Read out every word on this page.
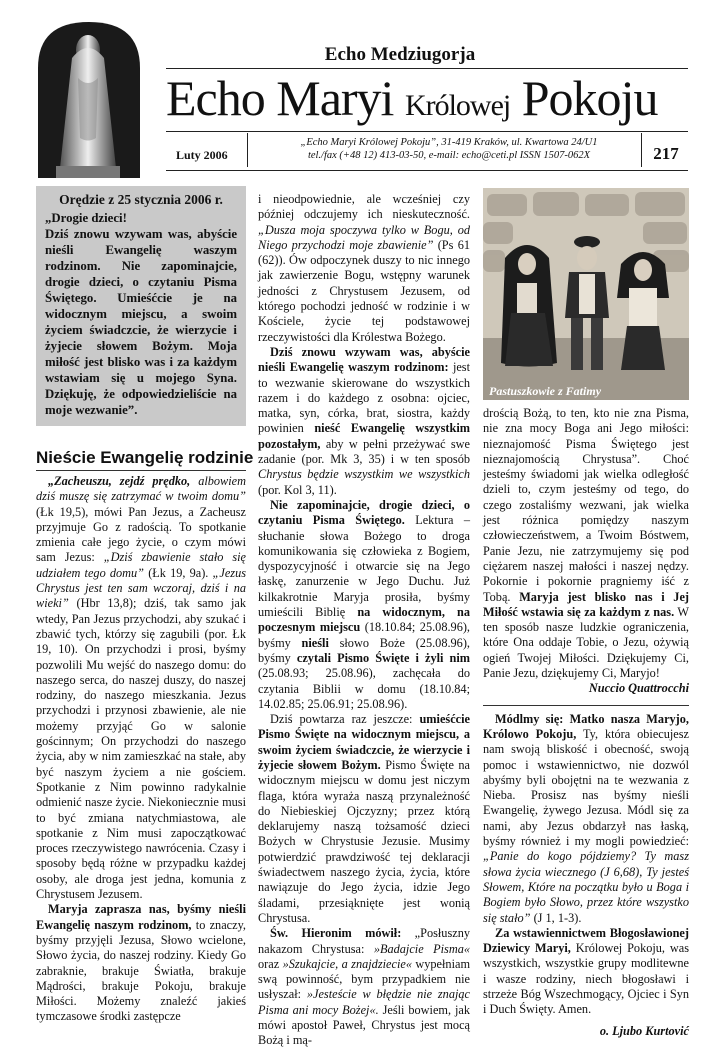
Echo Medziugorja
Echo Maryi Królowej Pokoju
Luty 2006
„Echo Maryi Królowej Pokoju”, 31-419 Kraków, ul. Kwartowa 24/U1
tel./fax (+48 12) 413-03-50, e-mail: echo@ceti.pl ISSN 1507-062X	217
Orędzie z 25 stycznia 2006 r.
„Drogie dzieci!
Dziś znowu wzywam was, abyście nieśli Ewangelię waszym rodzinom. Nie zapominajcie, drogie dzieci, o czytaniu Pisma Świętego. Umieśćcie je na widocznym miejscu, a swoim życiem świadczcie, że wierzycie i żyjecie słowem Bożym. Moja miłość jest blisko was i za każdym wstawiam się u mojego Syna. Dziękuję, że odpowiedzieliście na moje wezwanie”.
Nieście Ewangelię rodzinie

„Zacheuszu, zejdź prędko, albowiem dziś muszę się zatrzymać w twoim domu” (Łk 19,5), mówi Pan Jezus, a Zacheusz przyjmuje Go z radością. To spotkanie zmienia całe jego życie, o czym mówi sam Jezus: „Dziś zbawienie stało się udziałem tego domu” (Łk 19, 9a). „Jezus Chrystus jest ten sam wczoraj, dziś i na wieki” (Hbr 13,8); dziś, tak samo jak wtedy, Pan Jezus przychodzi, aby szukać i zbawić tych, którzy się zagubili (por. Łk 19, 10). On przychodzi i prosi, byśmy pozwolili Mu wejść do naszego domu: do naszego serca, do naszej duszy, do naszej rodziny, do naszego mieszkania. Jezus przychodzi i przynosi zbawienie, ale nie możemy przyjąć Go w salonie gościnnym; On przychodzi do naszego życia, aby w nim zamieszkać na stałe, aby być naszym życiem a nie gościem. Spotkanie z Nim powinno radykalnie odmienić nasze życie. Niekoniecznie musi to być zmiana natychmiastowa, ale spotkanie z Nim musi zapoczątkować proces rzeczywistego nawrócenia. Czasy i sposoby będą różne w przypadku każdej osoby, ale droga jest jedna, komunia z Chrystusem Jezusem.

Maryja zaprasza nas, byśmy nieśli Ewangelię naszym rodzinom, to znaczy, byśmy przyjęli Jezusa, Słowo wcielone, Słowo życia, do naszej rodziny. Kiedy Go zabraknie, brakuje Światła, brakuje Mądrości, brakuje Pokoju, brakuje Miłości. Możemy znaleźć jakieś tymczasowe środki zastępcze

i nieodpowiednie, ale wcześniej czy później odczujemy ich nieskuteczność. „Dusza moja spoczywa tylko w Bogu, od Niego przychodzi moje zbawienie” (Ps 61 (62)). Ów odpoczynek duszy to nic innego jak zawierzenie Bogu, wstępny warunek jedności z Chrystusem Jezusem, od którego pochodzi jedność w rodzinie i w Kościele, życie tej podstawowej rzeczywistości dla Królestwa Bożego.

Dziś znowu wzywam was, abyście nieśli Ewangelię waszym rodzinom: jest to wezwanie skierowane do wszystkich razem i do każdego z osobna: ojciec, matka, syn, córka, brat, siostra, każdy powinien nieść Ewangelię wszystkim pozostałym, aby w pełni przeżywać swe zadanie (por. Mk 3, 35) i w ten sposób Chrystus będzie wszystkim we wszystkich (por. Kol 3, 11).

Nie zapominajcie, drogie dzieci, o czytaniu Pisma Świętego. Lektura – słuchanie słowa Bożego to droga komunikowania się człowieka z Bogiem, dyspozycyjność i otwarcie się na Jego łaskę, zanurzenie w Jego Duchu. Już kilkakrotnie Maryja prosiła, byśmy umieścili Biblię na widocznym, na poczesnym miejscu (18.10.84; 25.08.96), byśmy nieśli słowo Boże (25.08.96), byśmy czytali Pismo Święte i żyli nim (25.08.93; 25.08.96), zachęcała do czytania Biblii w domu (18.10.84; 14.02.85; 25.06.91; 25.08.96).

Dziś powtarza raz jeszcze: umieśćcie Pismo Święte na widocznym miejscu, a swoim życiem świadczcie, że wierzycie i żyjecie słowem Bożym. Pismo Święte na widocznym miejscu w domu jest niczym flaga, która wyraża naszą przynależność do Niebieskiej Ojczyzny; przez którą deklarujemy naszą tożsamość dzieci Bożych w Chrystusie Jezusie. Musimy potwierdzić prawdziwość tej deklaracji świadectwem naszego życia, życia, które nawiązuje do Jego życia, idzie Jego śladami, przesiąknięte jest wonią Chrystusa.

Św. Hieronim mówił: „Posłuszny nakazom Chrystusa: »Badajcie Pisma« oraz »Szukajcie, a znajdziecie« wypełniam swą powinność, bym przypadkiem nie usłyszał: »Jesteście w błędzie nie znając Pisma ani mocy Bożej«. Jeśli bowiem, jak mówi apostoł Paweł, Chrystus jest mocą Bożą i mą-

Pastuszkowie z Fatimy

drością Bożą, to ten, kto nie zna Pisma, nie zna mocy Boga ani Jego miłości: nieznajomość Pisma Świętego jest nieznajomością Chrystusa”. Choć jesteśmy świadomi jak wielka odległość dzieli to, czym jesteśmy od tego, do czego zostaliśmy wezwani, jak wielka jest różnica pomiędzy naszym człowieczeństwem, a Twoim Bóstwem, Panie Jezu, nie zatrzymujemy się pod ciężarem naszej małości i naszej nędzy. Pokornie i pokornie pragniemy iść z Tobą. Maryja jest blisko nas i Jej Miłość wstawia się za każdym z nas. W ten sposób nasze ludzkie ograniczenia, które Ona oddaje Tobie, o Jezu, ożywią ogień Twojej Miłości. Dziękujemy Ci, Panie Jezu, dziękujemy Ci, Maryjo!

Nuccio Quattrocchi

Módlmy się: Matko nasza Maryjo, Królowo Pokoju, Ty, która obiecujesz nam swoją bliskość i obecność, swoją pomoc i wstawiennictwo, nie dozwól abyśmy byli obojętni na te wezwania z Nieba. Prosisz nas byśmy nieśli Ewangelię, żywego Jezusa. Módl się za nami, aby Jezus obdarzył nas łaską, byśmy również i my mogli powiedzieć: „Panie do kogo pójdziemy? Ty masz słowa życia wiecznego (J 6,68), Ty jesteś Słowem, Które na początku było u Boga i Bogiem było Słowo, przez które wszystko się stało” (J 1, 1-3).

Za wstawiennictwem Błogosławionej Dziewicy Maryi, Królowej Pokoju, was wszystkich, wszystkie grupy modlitewne i wasze rodziny, niech błogosławi i strzeże Bóg Wszechmogący, Ojciec i Syn i Duch Święty. Amen.

o. Ljubo Kurtović
